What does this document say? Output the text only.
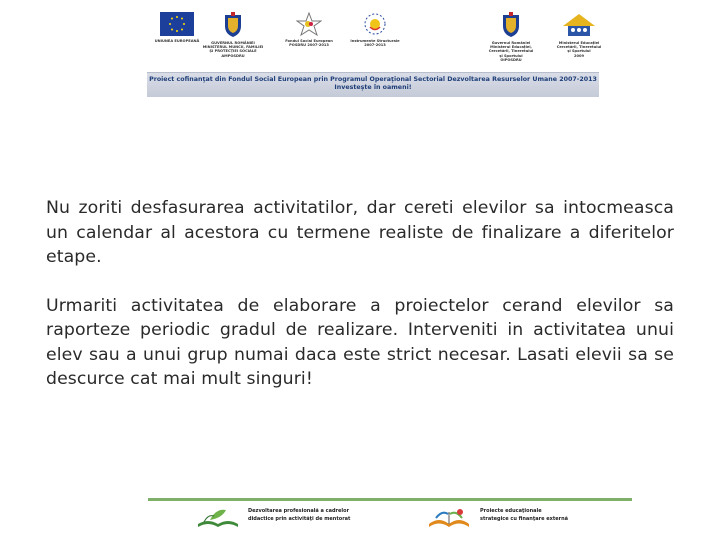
UNIUNEA EUROPEANĂ	GUVERNUL ROMÂNIEI
MINISTERUL MUNCII, FAMILIEI
ŞI PROTECŢIEI SOCIALE
AMPOSDRU
Fondul Social European
POSDRU 2007-2013
Instrumente Structurale
2007-2013
Guvernul României
Ministerul Educaţiei,
Cercetării, Tineretului
şi Sportului
OIPOSDRU
Ministerul Educaţiei
Cercetării, Tineretului
şi Sportului
2009
Proiect cofinanţat din Fondul Social European prin Programul Operaţional Sectorial Dezvoltarea Resurselor Umane 2007-2013
Investeşte în oameni!

Nu zoriti desfasurarea activitatilor, dar cereti elevilor sa intocmeasca un calendar al acestora cu termene realiste de finalizare a diferitelor etape.

Urmariti activitatea de elaborare a proiectelor cerand elevilor sa raporteze periodic gradul de realizare. Interveniti in activitatea unui elev sau a unui grup numai daca este strict necesar. Lasati elevii sa se descurce cat mai mult singuri!

Dezvoltarea profesională a cadrelor
didactice prin activităţi de mentorat
Proiecte educaţionale
strategice cu finanţare externă
